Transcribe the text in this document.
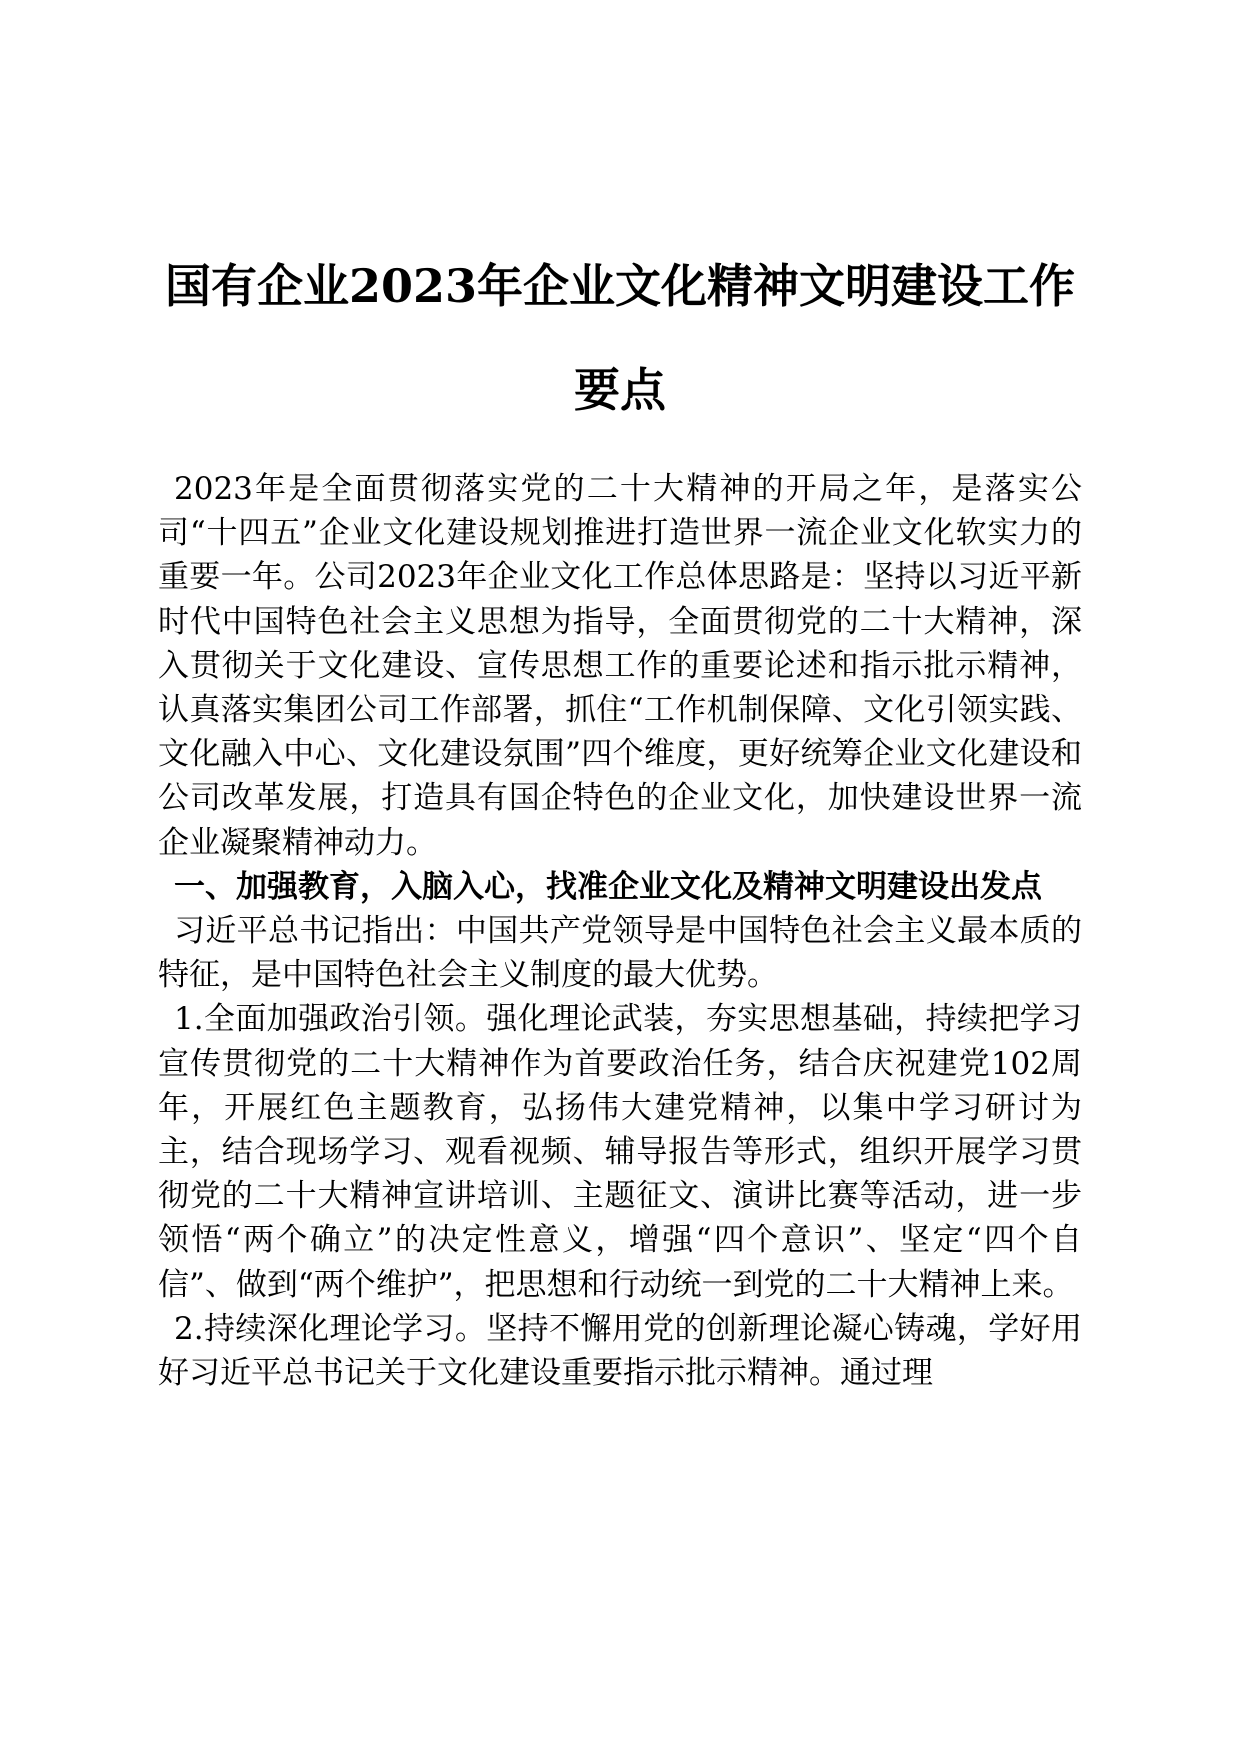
国有企业2023年企业文化精神文明建设工作
要点

2023年是全面贯彻落实党的二十大精神的开局之年，是落实公司“十四五”企业文化建设规划推进打造世界一流企业文化软实力的重要一年。公司2023年企业文化工作总体思路是：坚持以习近平新时代中国特色社会主义思想为指导，全面贯彻党的二十大精神，深入贯彻关于文化建设、宣传思想工作的重要论述和指示批示精神，认真落实集团公司工作部署，抓住“工作机制保障、文化引领实践、文化融入中心、文化建设氛围”四个维度，更好统筹企业文化建设和公司改革发展，打造具有国企特色的企业文化，加快建设世界一流企业凝聚精神动力。

一、加强教育，入脑入心，找准企业文化及精神文明建设出发点

习近平总书记指出：中国共产党领导是中国特色社会主义最本质的特征，是中国特色社会主义制度的最大优势。

1.全面加强政治引领。强化理论武装，夯实思想基础，持续把学习宣传贯彻党的二十大精神作为首要政治任务，结合庆祝建党102周年，开展红色主题教育，弘扬伟大建党精神，以集中学习研讨为主，结合现场学习、观看视频、辅导报告等形式，组织开展学习贯彻党的二十大精神宣讲培训、主题征文、演讲比赛等活动，进一步领悟“两个确立”的决定性意义，增强“四个意识”、坚定“四个自信”、做到“两个维护”，把思想和行动统一到党的二十大精神上来。

2.持续深化理论学习。坚持不懈用党的创新理论凝心铸魂，学好用好习近平总书记关于文化建设重要指示批示精神。通过理
